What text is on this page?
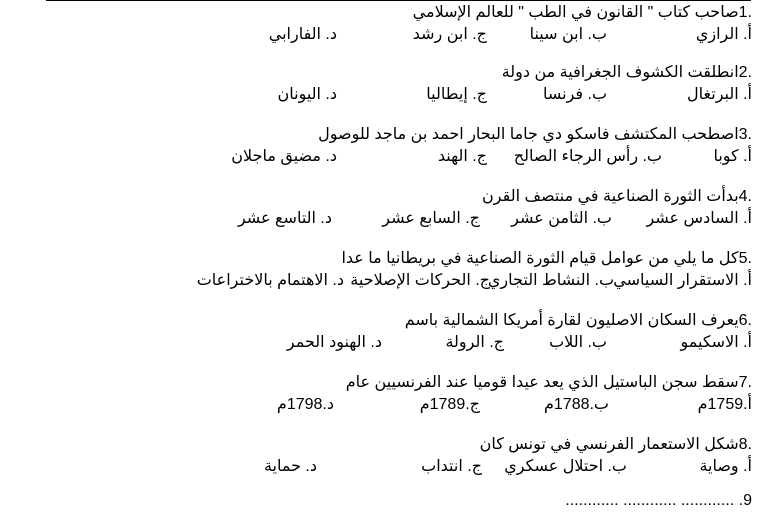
1.
صاحب كتاب " القانون في الطب " للعالم الإسلامي
أ. الرازي
ب. ابن سينا
ج. ابن رشد
د. الفارابي
2.
انطلقت الكشوف الجغرافية من دولة
أ. البرتغال
ب. فرنسا
ج. إيطاليا
د. اليونان
3.
اصطحب المكتشف فاسكو دي جاما البحار احمد بن ماجد للوصول
أ. كوبا
ب. رأس الرجاء الصالح
ج. الهند
د. مضيق ماجلان
4.
بدأت الثورة الصناعية في منتصف القرن
أ. السادس عشر
ب. الثامن عشر
ج. السابع عشر
د. التاسع عشر
5.
كل ما يلي من عوامل قيام الثورة الصناعية في بريطانيا ما عدا
أ. الاستقرار السياسي
ب. النشاط التجاري
ج. الحركات الإصلاحية
د. الاهتمام بالاختراعات
6.
يعرف السكان الاصليون لقارة أمريكا الشمالية باسم
أ. الاسكيمو
ب. اللاب
ج. الرولة
د. الهنود الحمر
7.
سقط سجن الباستيل الذي يعد عيدا قوميا عند الفرنسيين عام
أ.1759م
ب.1788م
ج.1789م
د.1798م
8.
شكل الاستعمار الفرنسي في تونس كان
أ. وصاية
ب. احتلال عسكري
ج. انتداب
د. حماية
9. ............ ............ ............
